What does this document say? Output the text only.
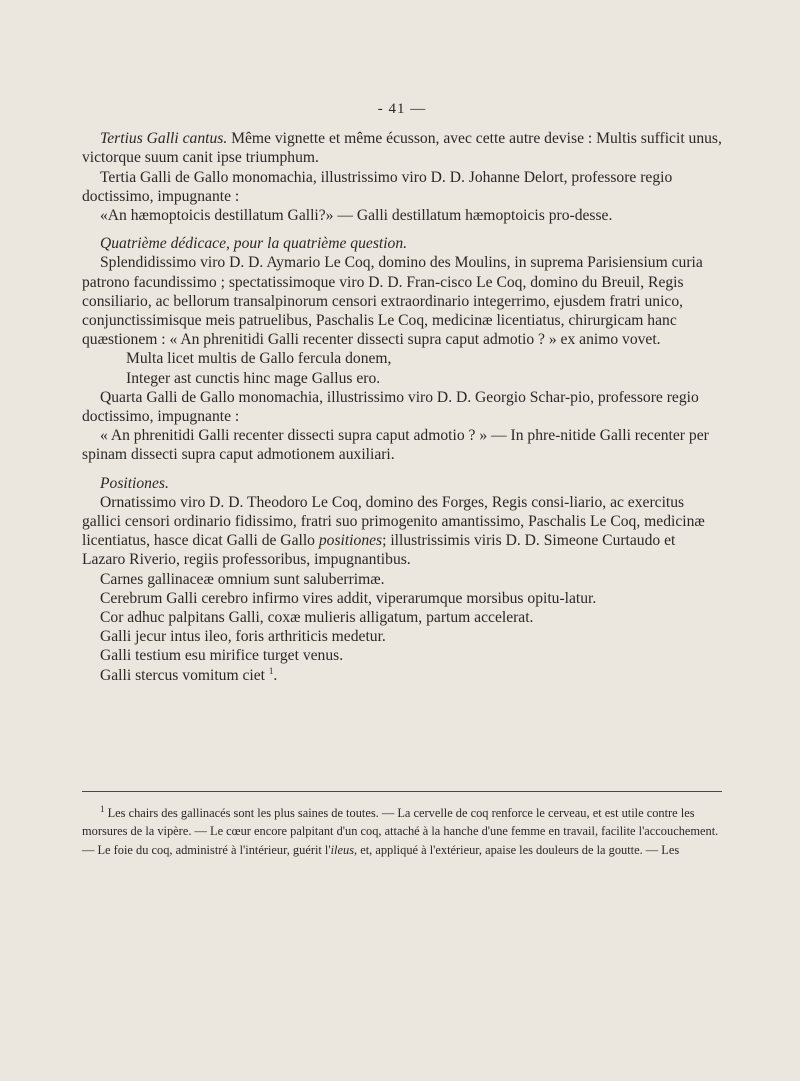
- 41 —

Tertius Galli cantus. Même vignette et même écusson, avec cette autre devise : Multis sufficit unus, victorque suum canit ipse triumphum.

Tertia Galli de Gallo monomachia, illustrissimo viro D. D. Johanne Delort, professore regio doctissimo, impugnante :

«An hæmoptoicis destillatum Galli?» — Galli destillatum hæmoptoicis pro-desse.

Quatrième dédicace, pour la quatrième question.

Splendidissimo viro D. D. Aymario Le Coq, domino des Moulins, in suprema Parisiensium curia patrono facundissimo ; spectatissimoque viro D. D. Fran-cisco Le Coq, domino du Breuil, Regis consiliario, ac bellorum transalpinorum censori extraordinario integerrimo, ejusdem fratri unico, conjunctissimisque meis patruelibus, Paschalis Le Coq, medicinæ licentiatus, chirurgicam hanc quæstionem : « An phrenitidi Galli recenter dissecti supra caput admotio ? » ex animo vovet.

Multa licet multis de Gallo fercula donem,

Integer ast cunctis hinc mage Gallus ero.

Quarta Galli de Gallo monomachia, illustrissimo viro D. D. Georgio Schar-pio, professore regio doctissimo, impugnante :

« An phrenitidi Galli recenter dissecti supra caput admotio ? » — In phre-nitide Galli recenter per spinam dissecti supra caput admotionem auxiliari.

Positiones.

Ornatissimo viro D. D. Theodoro Le Coq, domino des Forges, Regis consi-liario, ac exercitus gallici censori ordinario fidissimo, fratri suo primogenito amantissimo, Paschalis Le Coq, medicinæ licentiatus, hasce dicat Galli de Gallo positiones; illustrissimis viris D. D. Simeone Curtaudo et Lazaro Riverio, regiis professoribus, impugnantibus.

Carnes gallinaceæ omnium sunt saluberrimæ.

Cerebrum Galli cerebro infirmo vires addit, viperarumque morsibus opitu-latur.

Cor adhuc palpitans Galli, coxæ mulieris alligatum, partum accelerat.

Galli jecur intus ileo, foris arthriticis medetur.

Galli testium esu mirifice turget venus.

Galli stercus vomitum ciet $^1$.

$^1$ Les chairs des gallinacés sont les plus saines de toutes. — La cervelle de coq renforce le cerveau, et est utile contre les morsures de la vipère. — Le cœur encore palpitant d'un coq, attaché à la hanche d'une femme en travail, facilite l'accouchement. — Le foie du coq, administré à l'intérieur, guérit l'ileus, et, appliqué à l'extérieur, apaise les douleurs de la goutte. — Les
